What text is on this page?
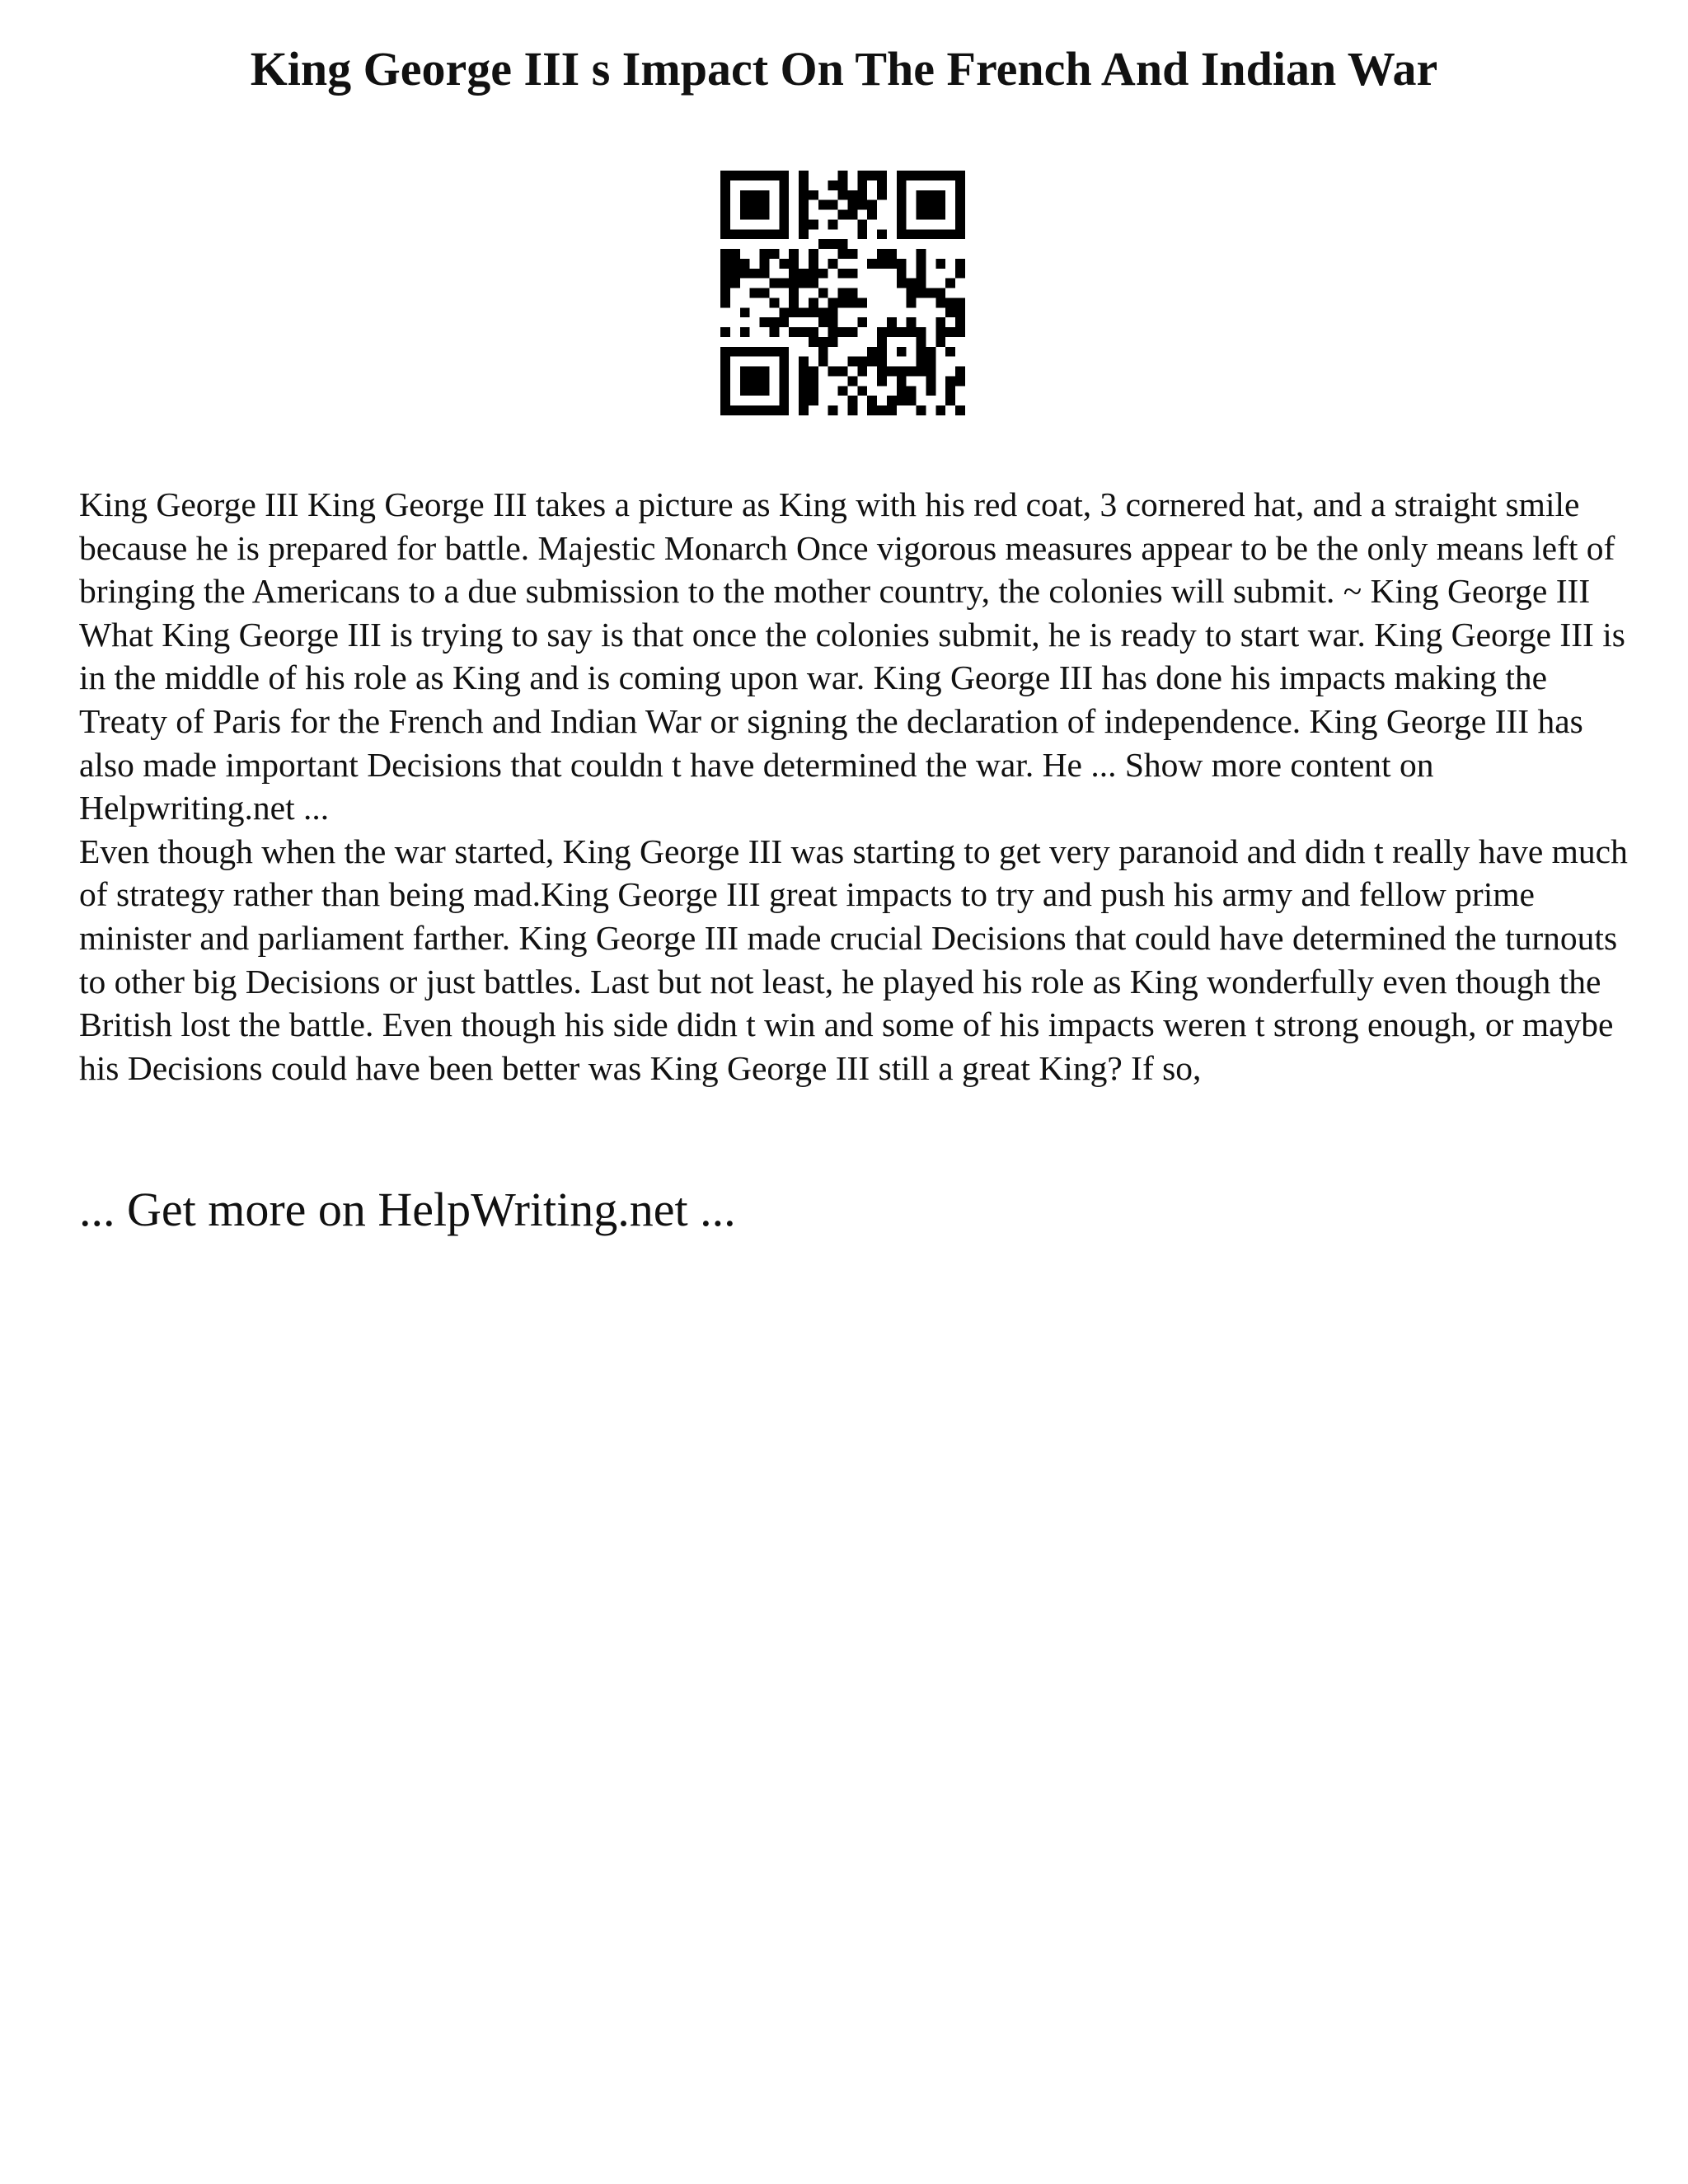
King George III s Impact On The French And Indian War

King George III King George III takes a picture as King with his red coat, 3 cornered hat, and a straight smile because he is prepared for battle. Majestic Monarch Once vigorous measures appear to be the only means left of bringing the Americans to a due submission to the mother country, the colonies will submit. ~ King George III What King George III is trying to say is that once the colonies submit, he is ready to start war. King George III is in the middle of his role as King and is coming upon war. King George III has done his impacts making the Treaty of Paris for the French and Indian War or signing the declaration of independence. King George III has also made important Decisions that couldn t have determined the war. He ... Show more content on Helpwriting.net ...

Even though when the war started, King George III was starting to get very paranoid and didn t really have much of strategy rather than being mad.King George III great impacts to try and push his army and fellow prime minister and parliament farther. King George III made crucial Decisions that could have determined the turnouts to other big Decisions or just battles. Last but not least, he played his role as King wonderfully even though the British lost the battle. Even though his side didn t win and some of his impacts weren t strong enough, or maybe his Decisions could have been better was King George III still a great King? If so,

... Get more on HelpWriting.net ...
